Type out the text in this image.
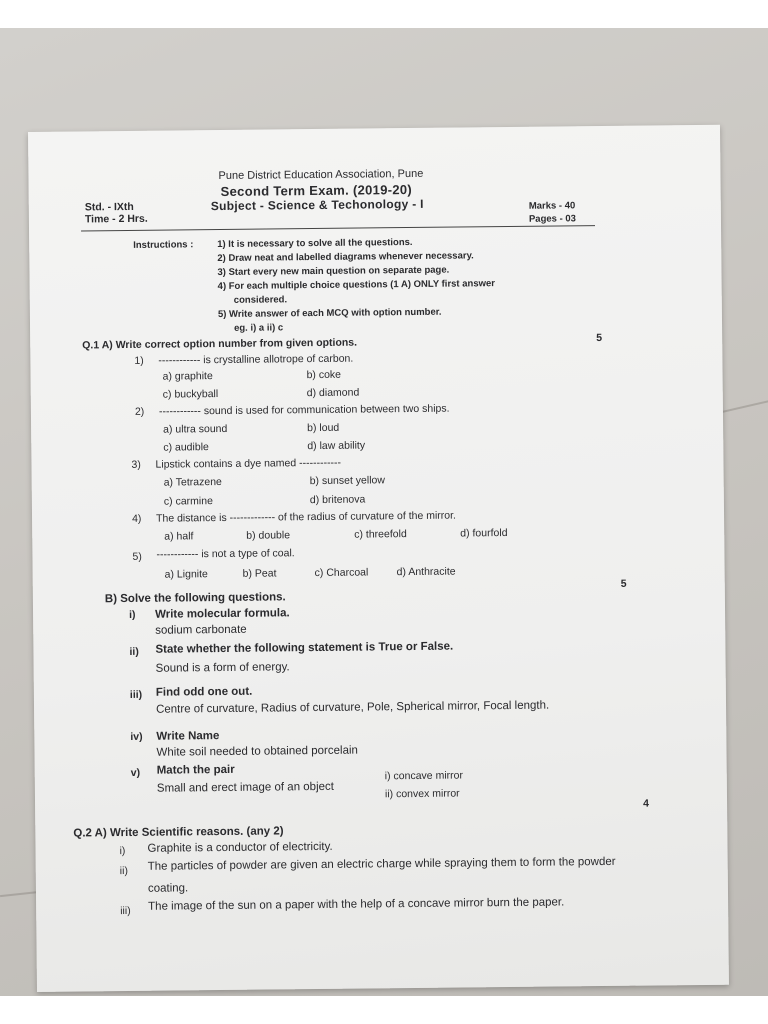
Pune District Education Association, Pune
Second Term Exam. (2019-20)
Std. - IXth	Subject - Science & Techonology - I	Marks - 40
Time - 2 Hrs.	Pages - 03
Instructions : 1) It is necessary to solve all the questions.
2) Draw neat and labelled diagrams whenever necessary.
3) Start every new main question on separate page.
4) For each multiple choice questions (1 A) ONLY first answer
considered.
5) Write answer of each MCQ with option number.
eg. i) a ii) c
Q.1 A) Write correct option number from given options.	5
1) ------------ is crystalline allotrope of carbon.
a) graphite	b) coke
c) buckyball	d) diamond
2) ------------ sound is used for communication between two ships.
a) ultra sound	b) loud
c) audible	d) law ability
3) Lipstick contains a dye named ------------
a) Tetrazene	b) sunset yellow
c) carmine	d) britenova
4) The distance is ------------- of the radius of curvature of the mirror.
a) half	b) double	c) threefold	d) fourfold
5) ------------ is not a type of coal.
a) Lignite	b) Peat	c) Charcoal	d) Anthracite
5
B) Solve the following questions.
i) Write molecular formula.
sodium carbonate
ii) State whether the following statement is True or False.
Sound is a form of energy.
iii) Find odd one out.
Centre of curvature, Radius of curvature, Pole, Spherical mirror, Focal length.
iv) Write Name
White soil needed to obtained porcelain
v) Match the pair
Small and erect image of an object
i) concave mirror
ii) convex mirror
4
Q.2 A) Write Scientific reasons. (any 2)
i) Graphite is a conductor of electricity.
ii) The particles of powder are given an electric charge while spraying them to form the powder
coating.
iii) The image of the sun on a paper with the help of a concave mirror burn the paper.
